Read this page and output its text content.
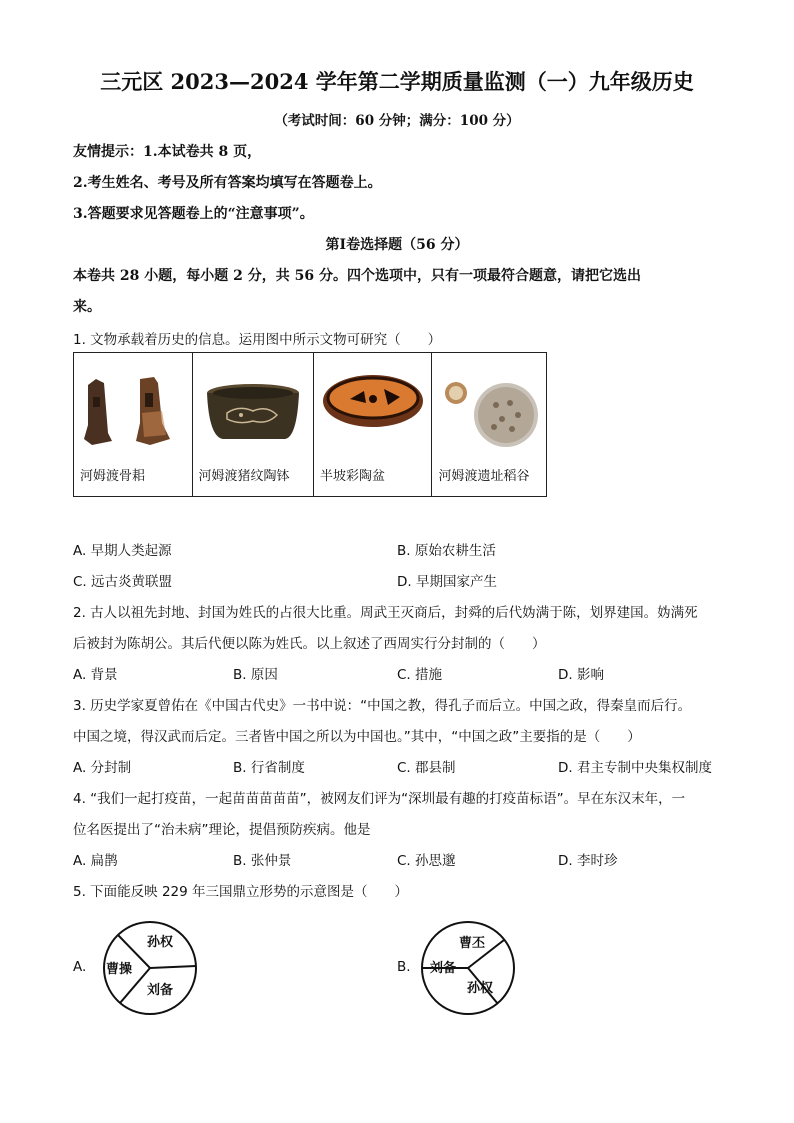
三元区 2023—2024 学年第二学期质量监测（一）九年级历史
（考试时间：60 分钟；满分：100 分）
友情提示：1.本试卷共 8 页，
2.考生姓名、考号及所有答案均填写在答题卷上。
3.答题要求见答题卷上的“注意事项”。
第Ⅰ卷选择题（56 分）
本卷共 28 小题，每小题 2 分，共 56 分。四个选项中，只有一项最符合题意，请把它选出
来。
1. 文物承载着历史的信息。运用图中所示文物可研究（　　）
河姆渡骨耜	河姆渡猪纹陶钵 半坡彩陶盆	河姆渡遗址稻谷
A. 早期人类起源	B. 原始农耕生活
C. 远古炎黄联盟	D. 早期国家产生
2. 古人以祖先封地、封国为姓氏的占很大比重。周武王灭商后，封舜的后代妫满于陈，划界建国。妫满死
后被封为陈胡公。其后代便以陈为姓氏。以上叙述了西周实行分封制的（　　）
A. 背景	B. 原因	C. 措施	D. 影响
3. 历史学家夏曾佑在《中国古代史》一书中说：“中国之教，得孔子而后立。中国之政，得秦皇而后行。
中国之境，得汉武而后定。三者皆中国之所以为中国也。”其中，“中国之政”主要指的是（　　）
A. 分封制	B. 行省制度	C. 郡县制	D. 君主专制中央集权制度
4. “我们一起打疫苗，一起苗苗苗苗苗”，被网友们评为“深圳最有趣的打疫苗标语”。早在东汉末年，一
位名医提出了“治未病”理论，提倡预防疾病。他是
A. 扁鹊	B. 张仲景	C. 孙思邈	D. 李时珍
5. 下面能反映 229 年三国鼎立形势的示意图是（　　）
A.
孙权
曹操
刘备
B.
曹丕
刘备
孙权
